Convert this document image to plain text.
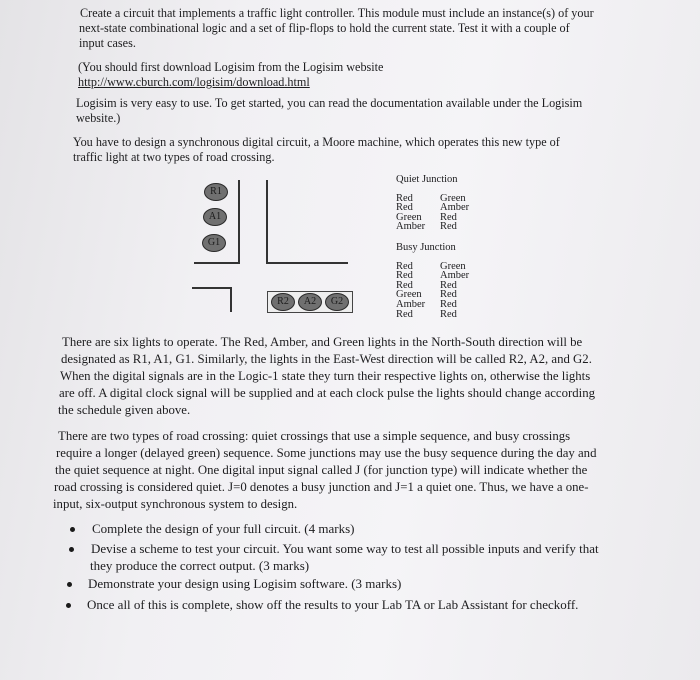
Create a circuit that implements a traffic light controller. This module must include an instance(s) of your
next-state combinational logic and a set of flip-flops to hold the current state. Test it with a couple of
input cases.
(You should first download Logisim from the Logisim website
http://www.cburch.com/logisim/download.html
Logisim is very easy to use. To get started, you can read the documentation available under the Logisim
website.)
You have to design a synchronous digital circuit, a Moore machine, which operates this new type of
traffic light at two types of road crossing.
R1
A1
G1
R2	A2	G2
Quiet Junction
Red	Green
Red	Amber
Green	Red
Amber	Red
Busy Junction
Red	Green
Red	Amber
Red	Red
Green	Red
Amber	Red
Red	Red
There are six lights to operate. The Red, Amber, and Green lights in the North-South direction will be
designated as R1, A1, G1. Similarly, the lights in the East-West direction will be called R2, A2, and G2.
When the digital signals are in the Logic-1 state they turn their respective lights on, otherwise the lights
are off. A digital clock signal will be supplied and at each clock pulse the lights should change according
the schedule given above.
There are two types of road crossing: quiet crossings that use a simple sequence, and busy crossings
require a longer (delayed green) sequence. Some junctions may use the busy sequence during the day and
the quiet sequence at night. One digital input signal called J (for junction type) will indicate whether the
road crossing is considered quiet. J=0 denotes a busy junction and J=1 a quiet one. Thus, we have a one-
input, six-output synchronous system to design.
Complete the design of your full circuit. (4 marks)
Devise a scheme to test your circuit. You want some way to test all possible inputs and verify that
they produce the correct output. (3 marks)
Demonstrate your design using Logisim software. (3 marks)
Once all of this is complete, show off the results to your Lab TA or Lab Assistant for checkoff.
